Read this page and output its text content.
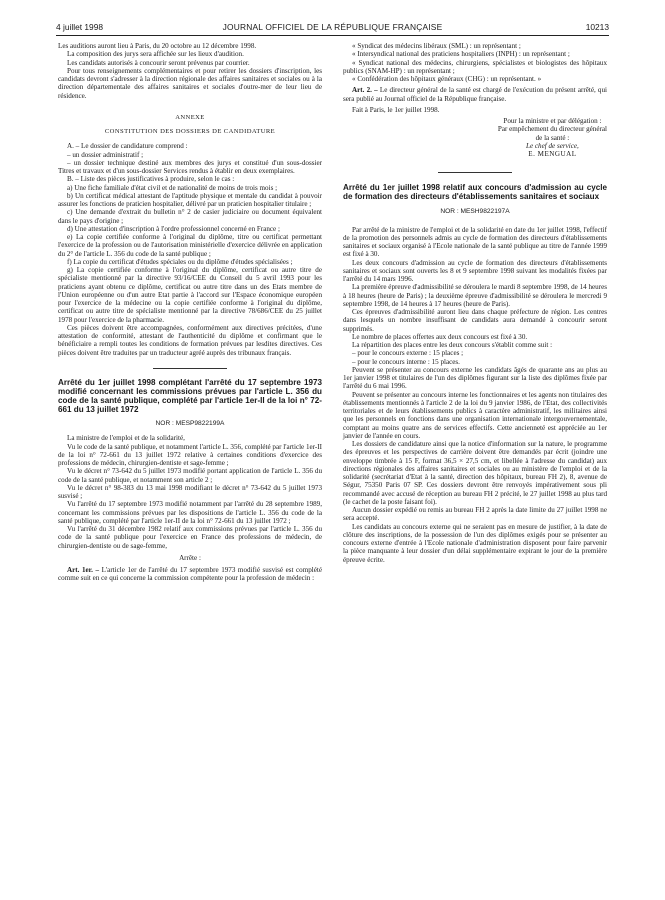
4 juillet 1998	JOURNAL OFFICIEL DE LA RÉPUBLIQUE FRANÇAISE	10213

Les auditions auront lieu à Paris, du 20 octobre au 12 décembre 1998.

La composition des jurys sera affichée sur les lieux d'audition.

Les candidats autorisés à concourir seront prévenus par courrier.

Pour tous renseignements complémentaires et pour retirer les dossiers d'inscription, les candidats devront s'adresser à la direction régionale des affaires sanitaires et sociales ou à la direction départementale des affaires sanitaires et sociales d'outre-mer de leur lieu de résidence.

ANNEXE

CONSTITUTION DES DOSSIERS DE CANDIDATURE

A. – Le dossier de candidature comprend :

– un dossier administratif ;

– un dossier technique destiné aux membres des jurys et constitué d'un sous-dossier Titres et travaux et d'un sous-dossier Services rendus à établir en deux exemplaires.

B. – Liste des pièces justificatives à produire, selon le cas :

a) Une fiche familiale d'état civil et de nationalité de moins de trois mois ;

b) Un certificat médical attestant de l'aptitude physique et mentale du candidat à pouvoir assurer les fonctions de praticien hospitalier, délivré par un praticien hospitalier titulaire ;

c) Une demande d'extrait du bulletin n° 2 de casier judiciaire ou document équivalent dans le pays d'origine ;

d) Une attestation d'inscription à l'ordre professionnel concerné en France ;

e) La copie certifiée conforme à l'original du diplôme, titre ou certificat permettant l'exercice de la profession ou de l'autorisation ministérielle d'exercice délivrée en application du 2° de l'article L. 356 du code de la santé publique ;

f) La copie du certificat d'études spéciales ou du diplôme d'études spécialisées ;

g) La copie certifiée conforme à l'original du diplôme, certificat ou autre titre de spécialiste mentionné par la directive 93/16/CEE du Conseil du 5 avril 1993 pour les praticiens ayant obtenu ce diplôme, certificat ou autre titre dans un des Etats membre de l'Union européenne ou d'un autre Etat partie à l'accord sur l'Espace économique européen pour l'exercice de la médecine ou la copie certifiée conforme à l'original du diplôme, certificat ou autre titre de spécialiste mentionné par la directive 78/686/CEE du 25 juillet 1978 pour l'exercice de la pharmacie.

Ces pièces doivent être accompagnées, conformément aux directives précitées, d'une attestation de conformité, attestant de l'authenticité du diplôme et confirmant que le bénéficiaire a rempli toutes les conditions de formation prévues par lesdites directives. Ces pièces doivent être traduites par un traducteur agréé auprès des tribunaux français.

Arrêté du 1er juillet 1998 complétant l'arrêté du 17 septembre 1973 modifié concernant les commissions prévues par l'article L. 356 du code de la santé publique, complété par l'article 1er-II de la loi n° 72-661 du 13 juillet 1972

NOR : MESP9822199A

La ministre de l'emploi et de la solidarité,

Vu le code de la santé publique, et notamment l'article L. 356, complété par l'article 1er-II de la loi n° 72-661 du 13 juillet 1972 relative à certaines conditions d'exercice des professions de médecin, chirurgien-dentiste et sage-femme ;

Vu le décret n° 73-642 du 5 juillet 1973 modifié portant application de l'article L. 356 du code de la santé publique, et notamment son article 2 ;

Vu le décret n° 98-383 du 13 mai 1998 modifiant le décret n° 73-642 du 5 juillet 1973 susvisé ;

Vu l'arrêté du 17 septembre 1973 modifié notamment par l'arrêté du 28 septembre 1989, concernant les commissions prévues par les dispositions de l'article L. 356 du code de la santé publique, complété par l'article 1er-II de la loi n° 72-661 du 13 juillet 1972 ;

Vu l'arrêté du 31 décembre 1982 relatif aux commissions prévues par l'article L. 356 du code de la santé publique pour l'exercice en France des professions de médecin, de chirurgien-dentiste ou de sage-femme,

Arrête :

Art. 1er. – L'article 1er de l'arrêté du 17 septembre 1973 modifié susvisé est complété comme suit en ce qui concerne la commission compétente pour la profession de médecin :

« Syndicat des médecins libéraux (SML) : un représentant ;

« Intersyndical national des praticiens hospitaliers (INPH) : un représentant ;

« Syndicat national des médecins, chirurgiens, spécialistes et biologistes des hôpitaux publics (SNAM-HP) : un représentant ;

« Confédération des hôpitaux généraux (CHG) : un représentant. »

Art. 2. – Le directeur général de la santé est chargé de l'exécution du présent arrêté, qui sera publié au Journal officiel de la République française.

Fait à Paris, le 1er juillet 1998.

Pour la ministre et par délégation :
Par empêchement du directeur général
de la santé :
Le chef de service,
E. MENGUAL

Arrêté du 1er juillet 1998 relatif aux concours d'admission au cycle de formation des directeurs d'établissements sanitaires et sociaux

NOR : MESH9822197A

Par arrêté de la ministre de l'emploi et de la solidarité en date du 1er juillet 1998, l'effectif de la promotion des personnels admis au cycle de formation des directeurs d'établissements sanitaires et sociaux organisé à l'Ecole nationale de la santé publique au titre de l'année 1999 est fixé à 30.

Les deux concours d'admission au cycle de formation des directeurs d'établissements sanitaires et sociaux sont ouverts les 8 et 9 septembre 1998 suivant les modalités fixées par l'arrêté du 14 mars 1996.

La première épreuve d'admissibilité se déroulera le mardi 8 septembre 1998, de 14 heures à 18 heures (heure de Paris) ; la deuxième épreuve d'admissibilité se déroulera le mercredi 9 septembre 1998, de 14 heures à 17 heures (heure de Paris).

Ces épreuves d'admissibilité auront lieu dans chaque préfecture de région. Les centres dans lesquels un nombre insuffisant de candidats aura demandé à concourir seront supprimés.

Le nombre de places offertes aux deux concours est fixé à 30.

La répartition des places entre les deux concours s'établit comme suit :

– pour le concours externe : 15 places ;

– pour le concours interne : 15 places.

Peuvent se présenter au concours externe les candidats âgés de quarante ans au plus au 1er janvier 1998 et titulaires de l'un des diplômes figurant sur la liste des diplômes fixée par l'arrêté du 6 mai 1996.

Peuvent se présenter au concours interne les fonctionnaires et les agents non titulaires des établissements mentionnés à l'article 2 de la loi du 9 janvier 1986, de l'Etat, des collectivités territoriales et de leurs établissements publics à caractère administratif, les militaires ainsi que les personnels en fonctions dans une organisation internationale intergouvernementale, comptant au moins quatre ans de services effectifs. Cette ancienneté est appréciée au 1er janvier de l'année en cours.

Les dossiers de candidature ainsi que la notice d'information sur la nature, le programme des épreuves et les perspectives de carrière doivent être demandés par écrit (joindre une enveloppe timbrée à 15 F, format 36,5 × 27,5 cm, et libellée à l'adresse du candidat) aux directions régionales des affaires sanitaires et sociales ou au ministère de l'emploi et de la solidarité (secrétariat d'Etat à la santé, direction des hôpitaux, bureau FH 2), 8, avenue de Ségur, 75350 Paris 07 SP. Ces dossiers devront être renvoyés impérativement sous pli recommandé avec accusé de réception au bureau FH 2 précité, le 27 juillet 1998 au plus tard (le cachet de la poste faisant foi).

Aucun dossier expédié ou remis au bureau FH 2 après la date limite du 27 juillet 1998 ne sera accepté.

Les candidats au concours externe qui ne seraient pas en mesure de justifier, à la date de clôture des inscriptions, de la possession de l'un des diplômes exigés pour se présenter au concours externe d'entrée à l'Ecole nationale d'administration disposent pour faire parvenir la pièce manquante à leur dossier d'un délai supplémentaire expirant le jour de la première épreuve écrite.
